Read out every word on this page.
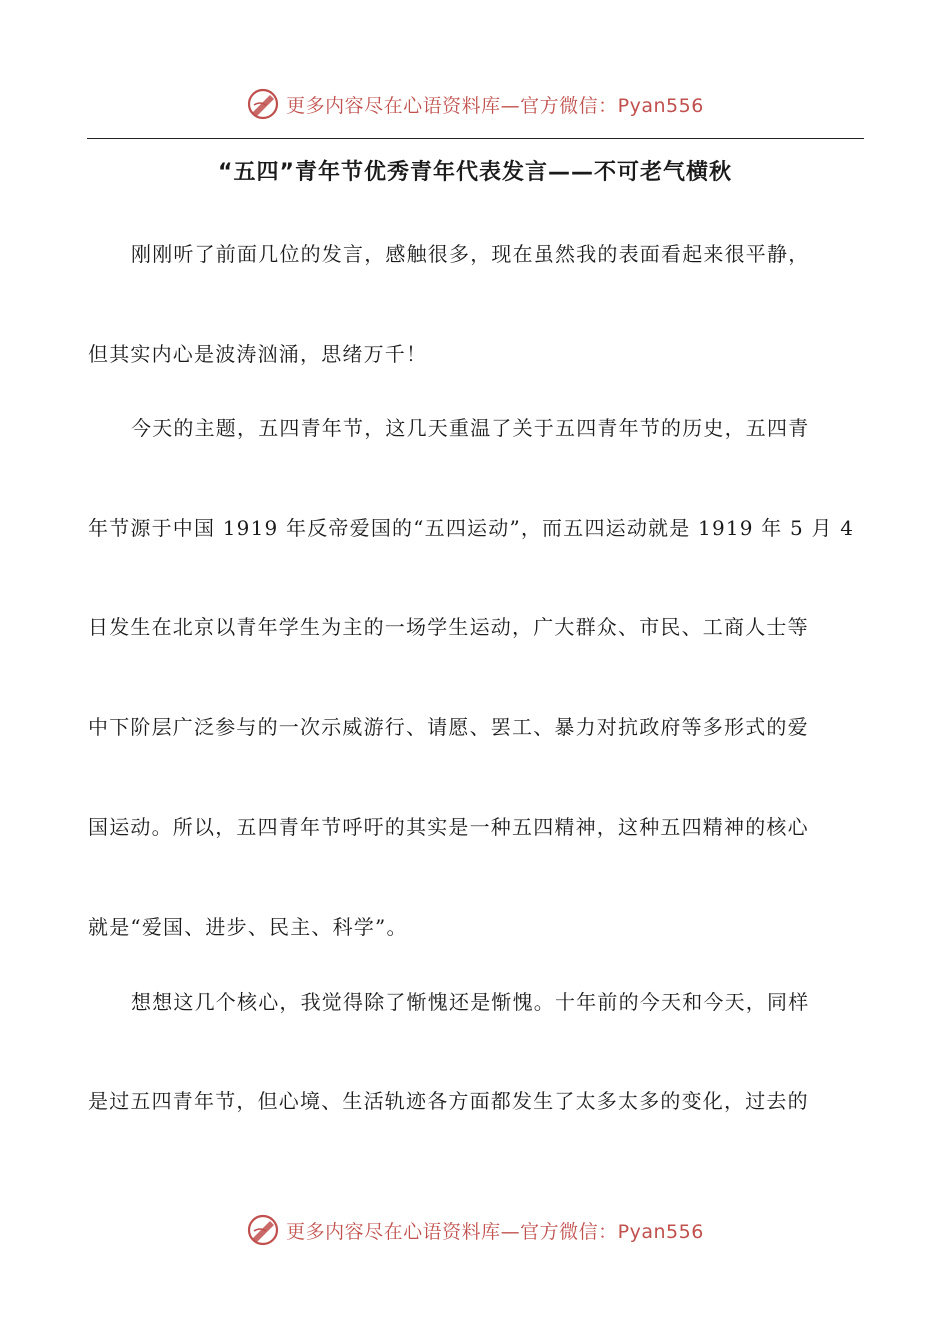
更多内容尽在心语资料库—官方微信：Pyan556
“五四”青年节优秀青年代表发言——不可老气横秋
刚刚听了前面几位的发言，感触很多，现在虽然我的表面看起来很平静，
但其实内心是波涛汹涌，思绪万千！
今天的主题，五四青年节，这几天重温了关于五四青年节的历史，五四青
年节源于中国 1919 年反帝爱国的“五四运动”，而五四运动就是 1919 年 5 月 4
日发生在北京以青年学生为主的一场学生运动，广大群众、市民、工商人士等
中下阶层广泛参与的一次示威游行、请愿、罢工、暴力对抗政府等多形式的爱
国运动。所以，五四青年节呼吁的其实是一种五四精神，这种五四精神的核心
就是“爱国、进步、民主、科学”。
想想这几个核心，我觉得除了惭愧还是惭愧。十年前的今天和今天，同样
是过五四青年节，但心境、生活轨迹各方面都发生了太多太多的变化，过去的
更多内容尽在心语资料库—官方微信：Pyan556
